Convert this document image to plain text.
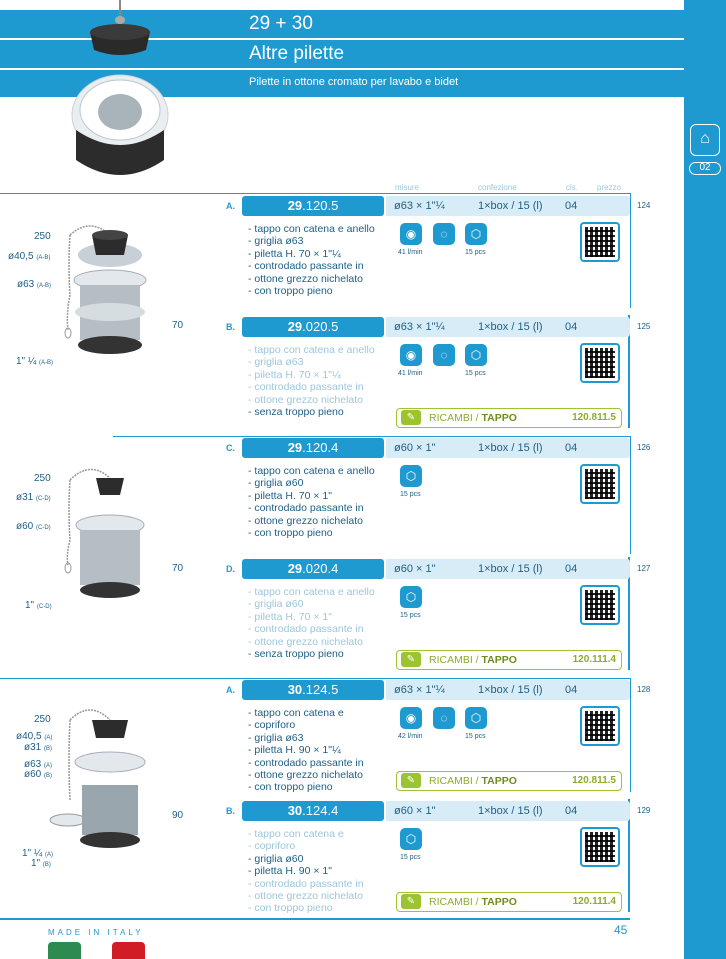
29 + 30
Altre pilette
Pilette in ottone cromato per lavabo e bidet
⌂
02
misure	confezione	cls. prezzo
250
ø40,5 (A-B)
ø63 (A-B)
70
1" ¼ (A-B)
250
ø31 (C-D)
ø60 (C-D)
70
1" (C-D)
250
ø40,5 (A)
ø31 (B)
ø63 (A)
ø60 (B)
90
1" ¼ (A)
1" (B)
A.	29.120.5	ø63 × 1"¼	1×box / 15 (l) 04	124
- tappo con catena e anello
- griglia ø63
- piletta H. 70 × 1"¼
- controdado passante in
- ottone grezzo nichelato
- con troppo pieno
◉	◌	⬡
41 l/min	15 pcs
B.	29.020.5	ø63 × 1"¼	1×box / 15 (l) 04	125
- tappo con catena e anello
- griglia ø63
- piletta H. 70 × 1"¼
- controdado passante in
- ottone grezzo nichelato
- senza troppo pieno
◉	◌	⬡
41 l/min	15 pcs
✎	RICAMBI / TAPPO	120.811.5
C.	29.120.4	ø60 × 1"	1×box / 15 (l) 04	126
- tappo con catena e anello
- griglia ø60
- piletta H. 70 × 1"
- controdado passante in
- ottone grezzo nichelato
- con troppo pieno
⬡
15 pcs
D.	29.020.4	ø60 × 1"	1×box / 15 (l) 04	127
- tappo con catena e anello
- griglia ø60
- piletta H. 70 × 1"
- controdado passante in
- ottone grezzo nichelato
- senza troppo pieno
⬡
15 pcs
✎	RICAMBI / TAPPO	120.111.4
A.	30.124.5	ø63 × 1"¼	1×box / 15 (l) 04	128
- tappo con catena e
- copriforo
- griglia ø63
- piletta H. 90 × 1"¼
- controdado passante in
- ottone grezzo nichelato
- con troppo pieno
◉	◌	⬡
42 l/min	15 pcs
✎	RICAMBI / TAPPO	120.811.5
B.	30.124.4	ø60 × 1"	1×box / 15 (l) 04	129
- tappo con catena e
- copriforo
- griglia ø60
- piletta H. 90 × 1"
- controdado passante in
- ottone grezzo nichelato
- con troppo pieno
⬡
15 pcs
✎	RICAMBI / TAPPO	120.111.4
MADE IN ITALY	45
